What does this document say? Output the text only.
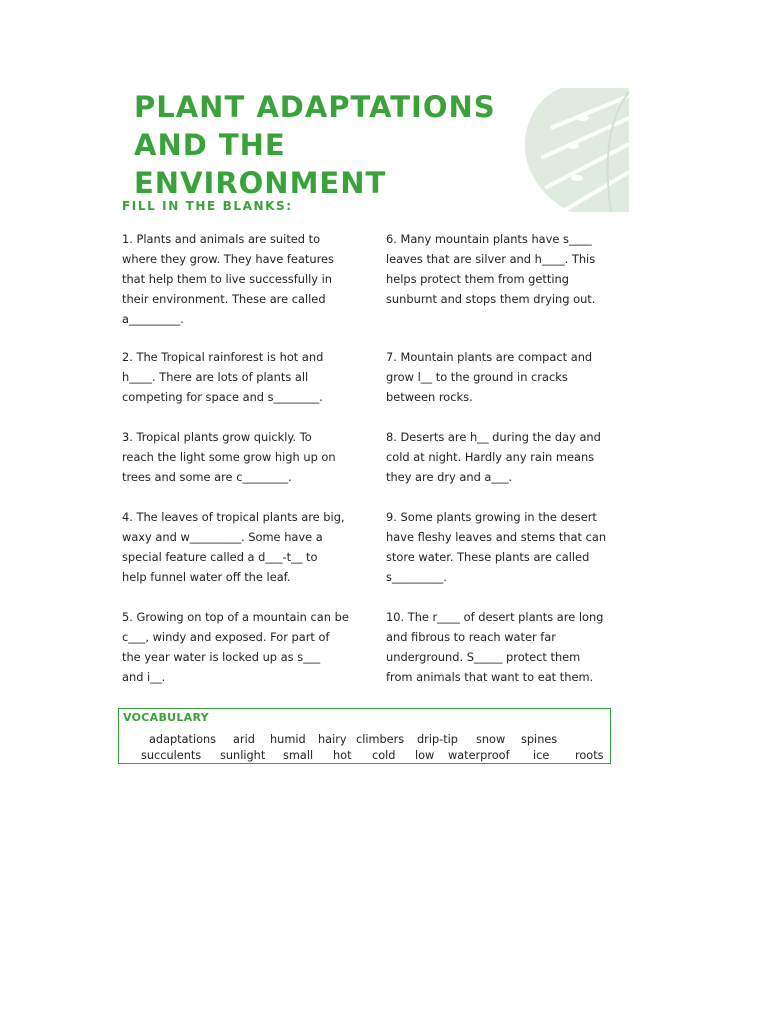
PLANT ADAPTATIONS
AND THE ENVIRONMENT
FILL IN THE BLANKS:

1. Plants and animals are suited to
where they grow. They have features
that help them to live successfully in
their environment. These are called
a_________.

2. The Tropical rainforest is hot and
h____. There are lots of plants all
competing for space and s________.

3. Tropical plants grow quickly. To
reach the light some grow high up on
trees and some are c________.

4. The leaves of tropical plants are big,
waxy and w_________. Some have a
special feature called a d___-t__ to
help funnel water off the leaf.

5. Growing on top of a mountain can be
c___, windy and exposed. For part of
the year water is locked up as s___
and i__.

6. Many mountain plants have s____
leaves that are silver and h____. This
helps protect them from getting
sunburnt and stops them drying out.

7. Mountain plants are compact and
grow l__ to the ground in cracks
between rocks.

8. Deserts are h__ during the day and
cold at night. Hardly any rain means
they are dry and a___.

9. Some plants growing in the desert
have fleshy leaves and stems that can
store water. These plants are called
s_________.

10. The r____ of desert plants are long
and fibrous to reach water far
underground. S_____ protect them
from animals that want to eat them.

VOCABULARY
adaptations arid humid hairy climbers drip-tip snow spines
succulents sunlight small hot cold low waterproof ice roots
